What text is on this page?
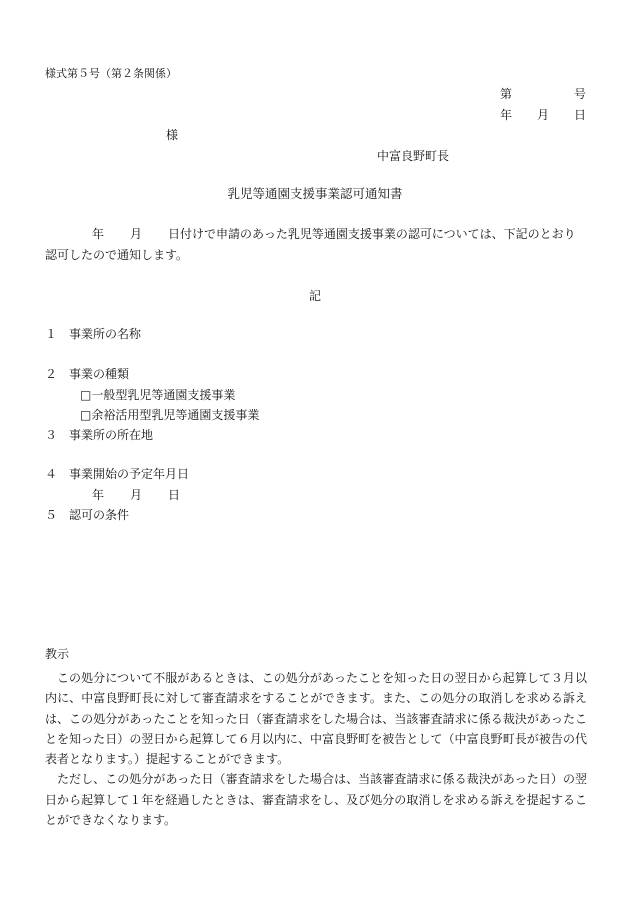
様式第５号（第２条関係）
第	号
年 月 日
様
中富良野町長
乳児等通園支援事業認可通知書
年 月 日付けで申請のあった乳児等通園支援事業の認可については、下記のとおり
認可したので通知します。
記
１ 事業所の名称
２ 事業の種類
□一般型乳児等通園支援事業
□余裕活用型乳児等通園支援事業
３ 事業所の所在地
４ 事業開始の予定年月日
年 月 日
５ 認可の条件
教示

この処分について不服があるときは、この処分があったことを知った日の翌日から起算して３月以内に、中富良野町長に対して審査請求をすることができます。また、この処分の取消しを求める訴えは、この処分があったことを知った日（審査請求をした場合は、当該審査請求に係る裁決があったことを知った日）の翌日から起算して６月以内に、中富良野町を被告として（中富良野町長が被告の代表者となります。）提起することができます。

ただし、この処分があった日（審査請求をした場合は、当該審査請求に係る裁決があった日）の翌日から起算して１年を経過したときは、審査請求をし、及び処分の取消しを求める訴えを提起することができなくなります。
